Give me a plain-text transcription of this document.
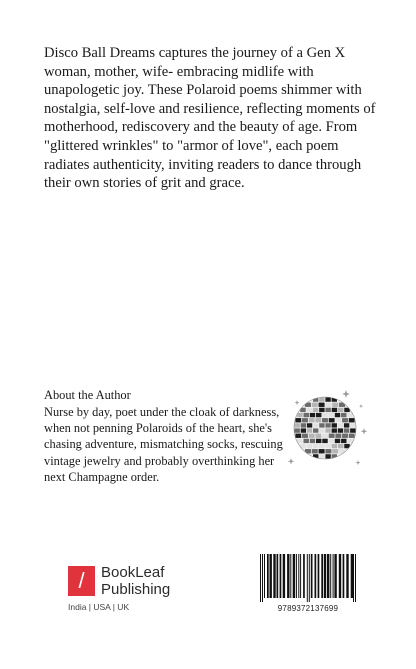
Disco Ball Dreams captures the journey of a Gen X
woman, mother, wife- embracing midlife with
unapologetic joy. These Polaroid poems shimmer with
nostalgia, self-love and resilience, reflecting moments of
motherhood, rediscovery and the beauty of age. From
"glittered wrinkles" to "armor of love", each poem
radiates authenticity, inviting readers to dance through
their own stories of grit and grace.
About the Author
Nurse by day, poet under the cloak of darkness,
when not penning Polaroids of the heart, she's
chasing adventure, mismatching socks, rescuing
vintage jewelry and probably overthinking her
next Champagne order.
/	BookLeaf
Publishing
India | USA | UK	9789372137699
